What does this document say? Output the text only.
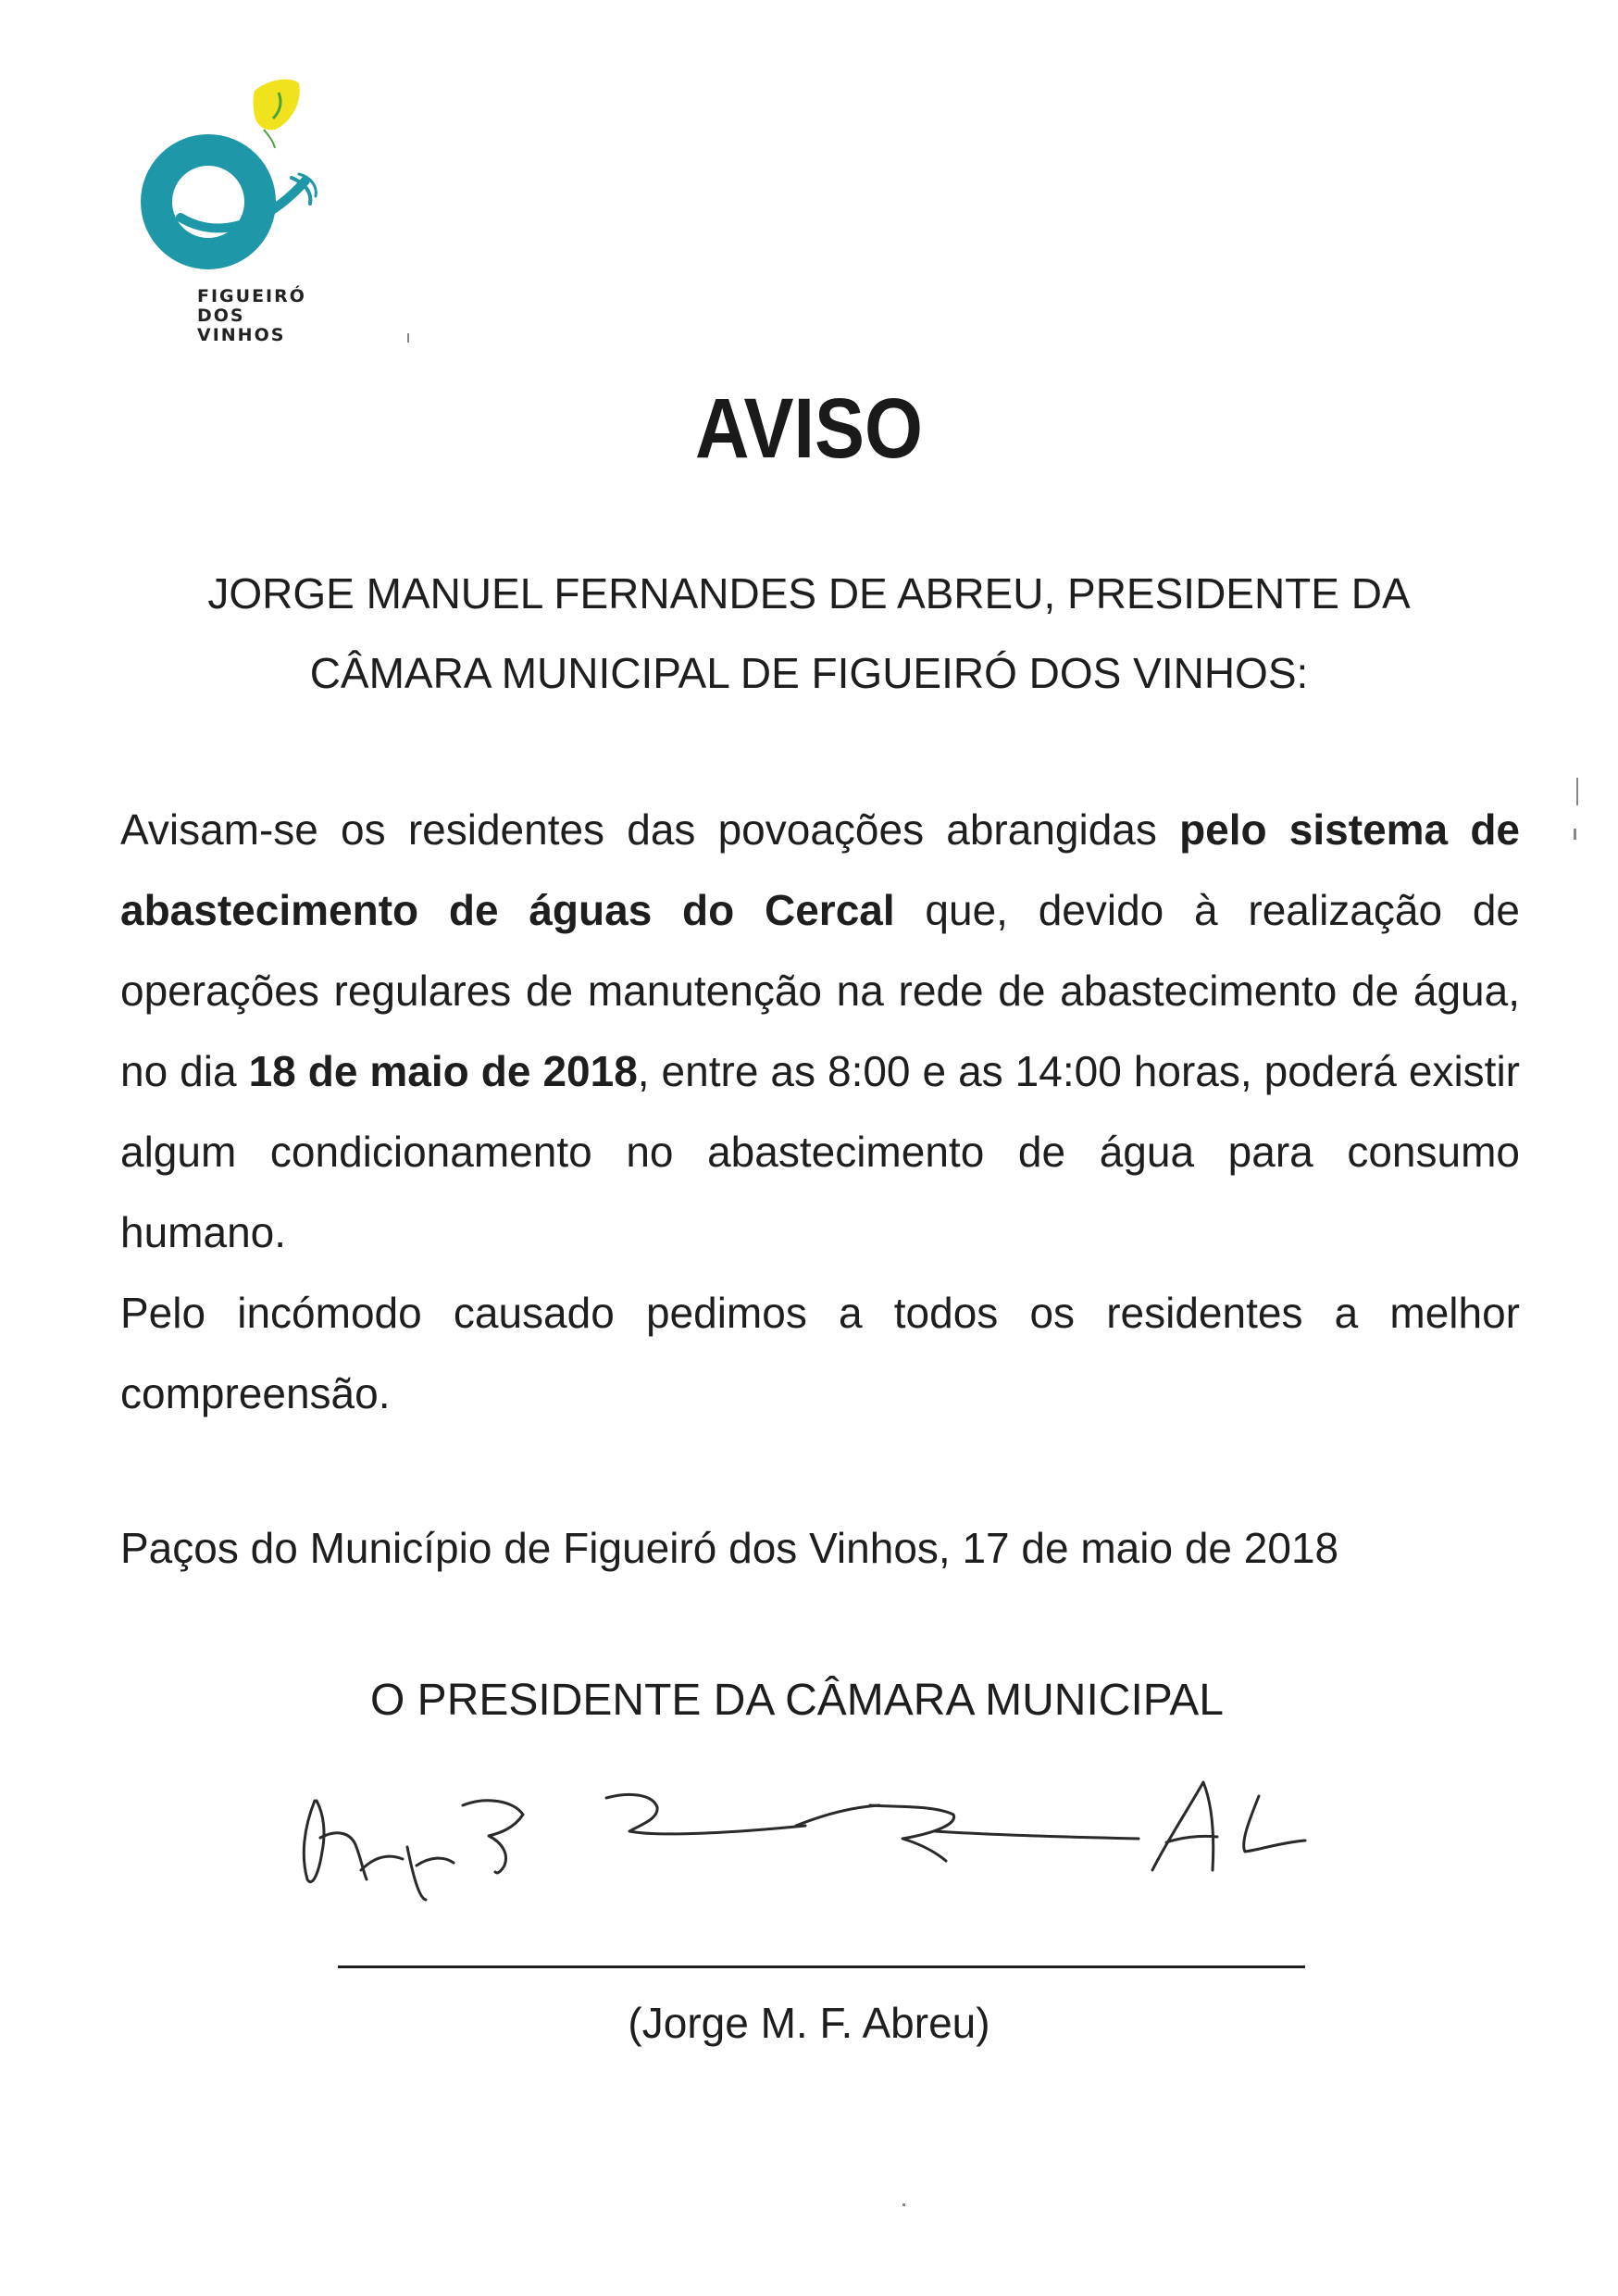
FIGUEIRÓ
DOS
VINHOS
AVISO
JORGE MANUEL FERNANDES DE ABREU, PRESIDENTE DA
CÂMARA MUNICIPAL DE FIGUEIRÓ DOS VINHOS:

Avisam-se os residentes das povoações abrangidas pelo sistema de abastecimento de águas do Cercal que, devido à realização de operações regulares de manutenção na rede de abastecimento de água, no dia 18 de maio de 2018, entre as 8:00 e as 14:00 horas, poderá existir algum condicionamento no abastecimento de água para consumo humano.

Pelo incómodo causado pedimos a todos os residentes a melhor compreensão.

Paços do Município de Figueiró dos Vinhos, 17 de maio de 2018
O PRESIDENTE DA CÂMARA MUNICIPAL
(Jorge M. F. Abreu)
